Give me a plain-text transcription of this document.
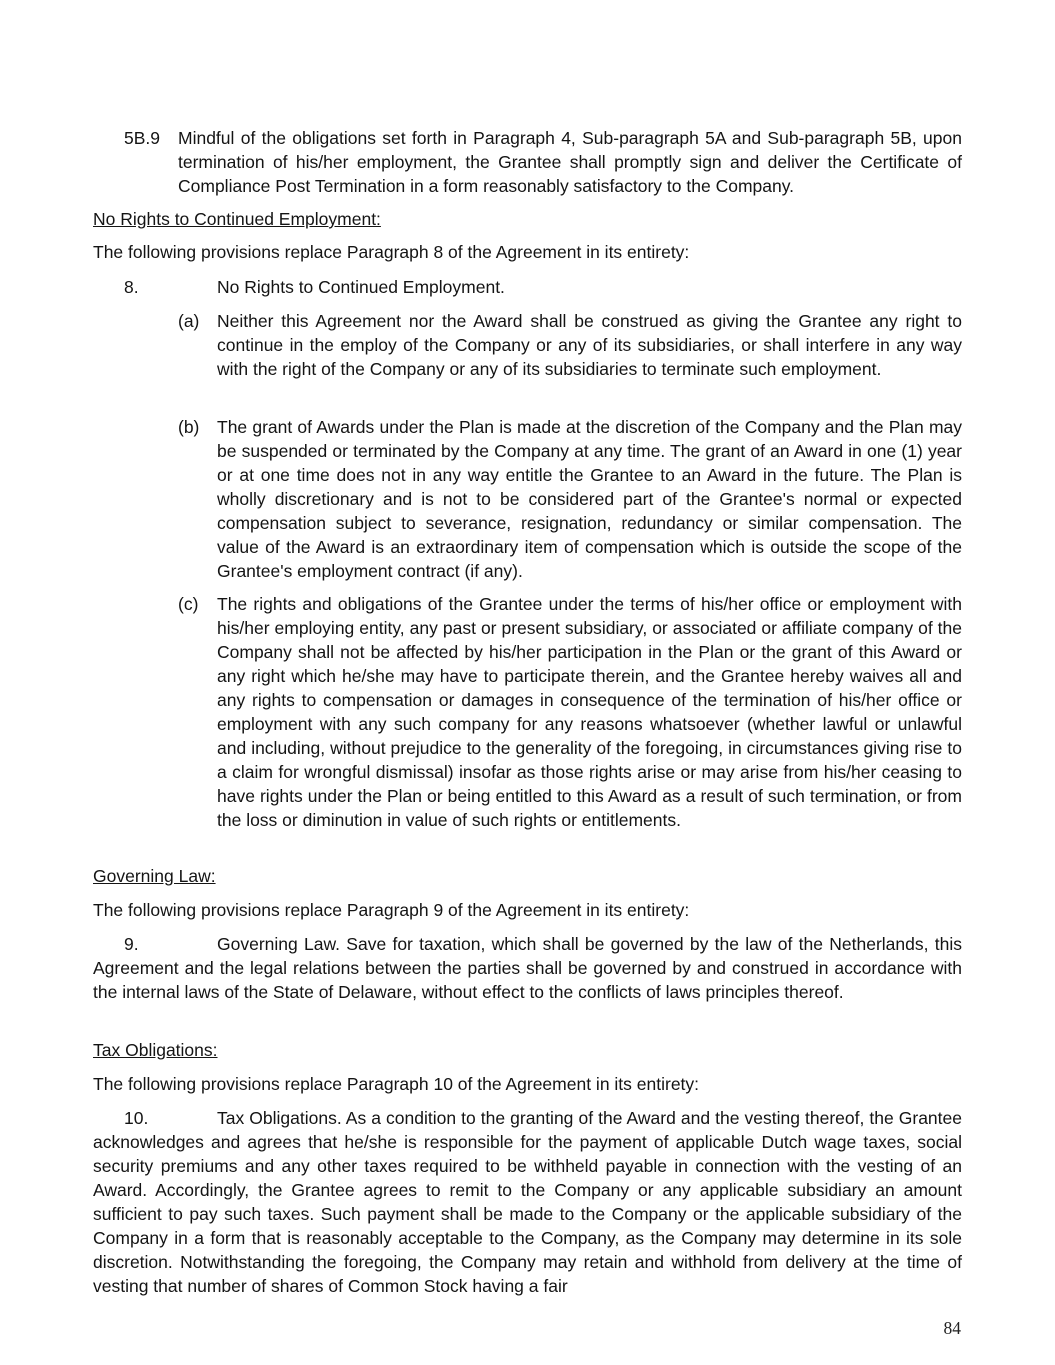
5B.9 Mindful of the obligations set forth in Paragraph 4, Sub-paragraph 5A and Sub-paragraph 5B, upon termination of his/her employment, the Grantee shall promptly sign and deliver the Certificate of Compliance Post Termination in a form reasonably satisfactory to the Company.
No Rights to Continued Employment:
The following provisions replace Paragraph 8 of the Agreement in its entirety:
8.	No Rights to Continued Employment.
(a) Neither this Agreement nor the Award shall be construed as giving the Grantee any right to continue in the employ of the Company or any of its subsidiaries, or shall interfere in any way with the right of the Company or any of its subsidiaries to terminate such employment.
(b) The grant of Awards under the Plan is made at the discretion of the Company and the Plan may be suspended or terminated by the Company at any time. The grant of an Award in one (1) year or at one time does not in any way entitle the Grantee to an Award in the future. The Plan is wholly discretionary and is not to be considered part of the Grantee's normal or expected compensation subject to severance, resignation, redundancy or similar compensation. The value of the Award is an extraordinary item of compensation which is outside the scope of the Grantee's employment contract (if any).
(c) The rights and obligations of the Grantee under the terms of his/her office or employment with his/her employing entity, any past or present subsidiary, or associated or affiliate company of the Company shall not be affected by his/her participation in the Plan or the grant of this Award or any right which he/she may have to participate therein, and the Grantee hereby waives all and any rights to compensation or damages in consequence of the termination of his/her office or employment with any such company for any reasons whatsoever (whether lawful or unlawful and including, without prejudice to the generality of the foregoing, in circumstances giving rise to a claim for wrongful dismissal) insofar as those rights arise or may arise from his/her ceasing to have rights under the Plan or being entitled to this Award as a result of such termination, or from the loss or diminution in value of such rights or entitlements.
Governing Law:
The following provisions replace Paragraph 9 of the Agreement in its entirety:
9.	Governing Law. Save for taxation, which shall be governed by the law of the Netherlands, this Agreement and the legal relations between the parties shall be governed by and construed in accordance with the internal laws of the State of Delaware, without effect to the conflicts of laws principles thereof.
Tax Obligations:
The following provisions replace Paragraph 10 of the Agreement in its entirety:
10.	Tax Obligations. As a condition to the granting of the Award and the vesting thereof, the Grantee acknowledges and agrees that he/she is responsible for the payment of applicable Dutch wage taxes, social security premiums and any other taxes required to be withheld payable in connection with the vesting of an Award. Accordingly, the Grantee agrees to remit to the Company or any applicable subsidiary an amount sufficient to pay such taxes. Such payment shall be made to the Company or the applicable subsidiary of the Company in a form that is reasonably acceptable to the Company, as the Company may determine in its sole discretion. Notwithstanding the foregoing, the Company may retain and withhold from delivery at the time of vesting that number of shares of Common Stock having a fair
84
